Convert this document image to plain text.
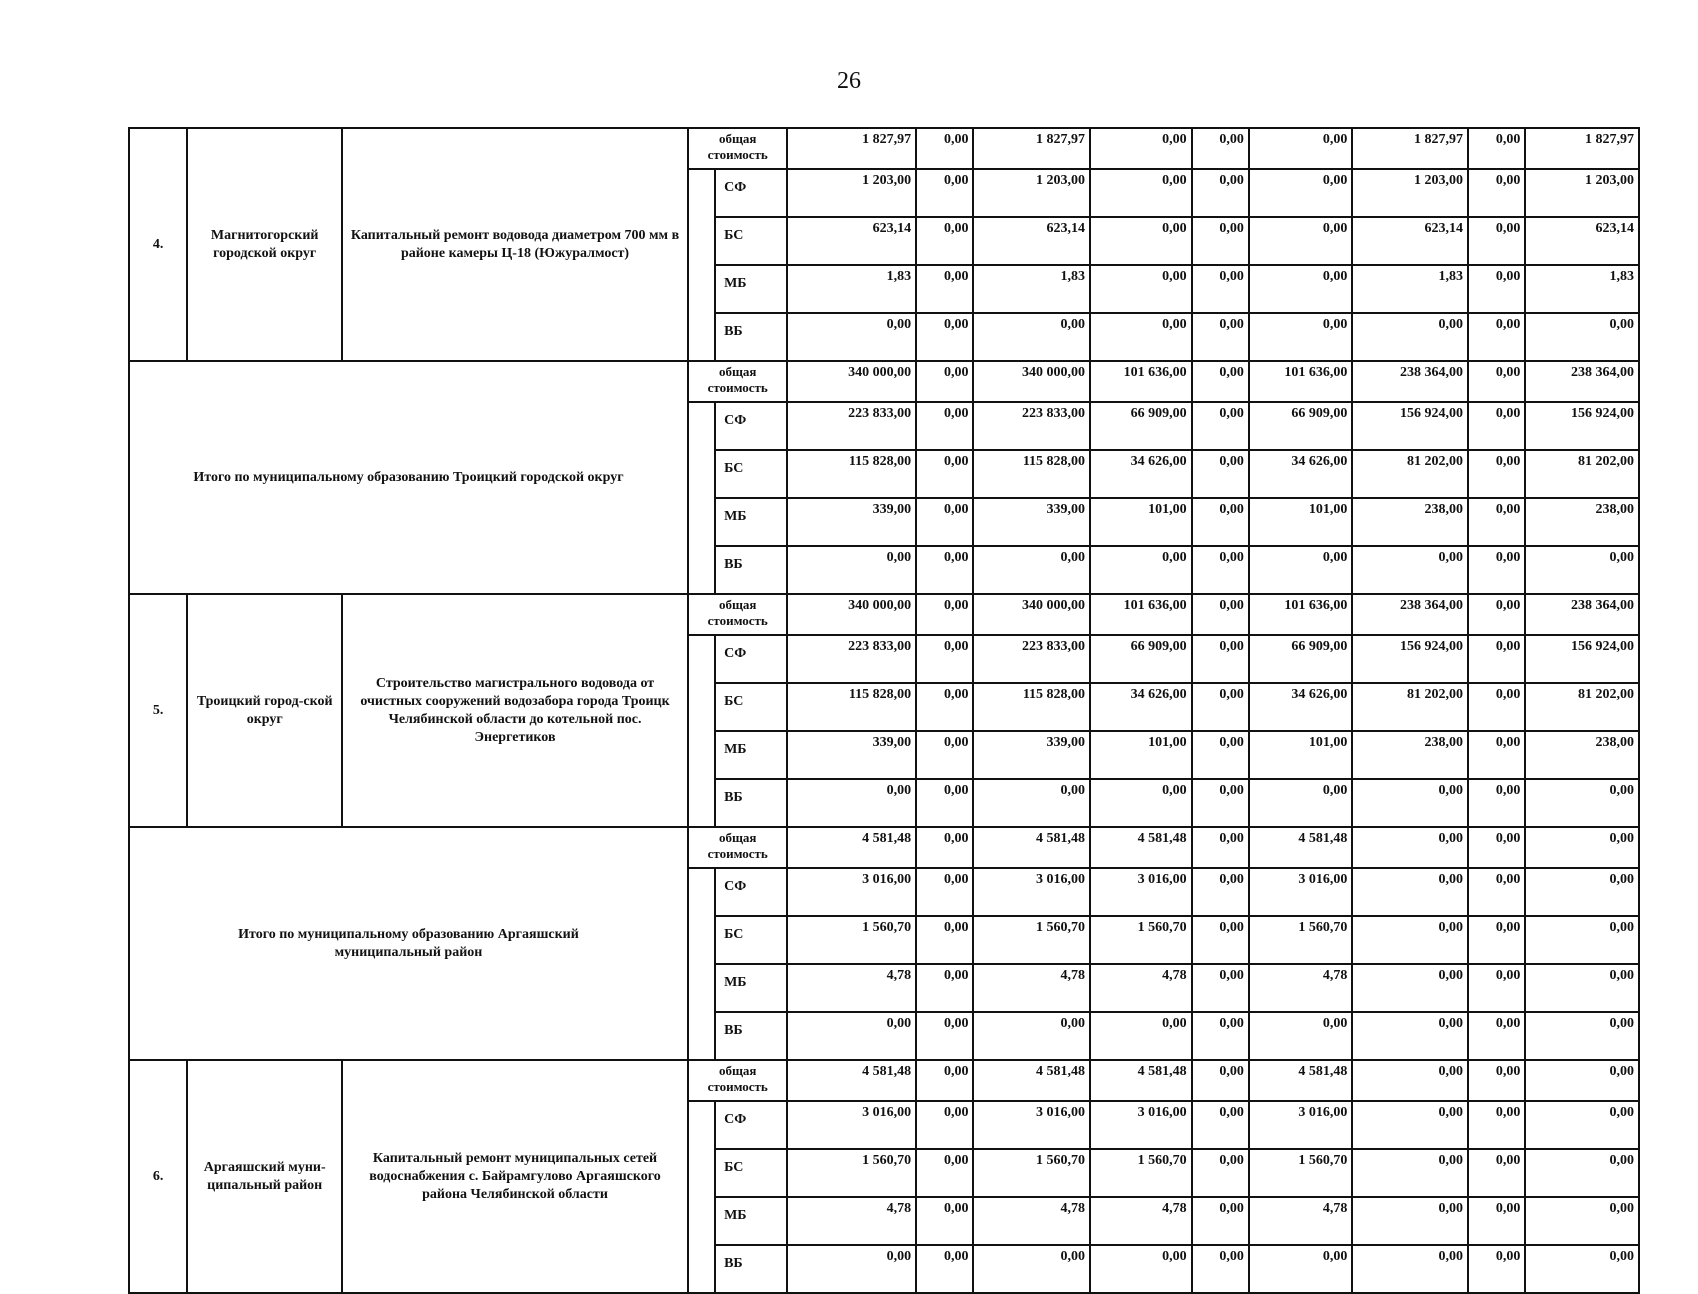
26
4.	Магнитогорский городской округ	Капитальный ремонт водовода диаметром 700 мм в районе камеры Ц-18 (Южуралмост)	общая стоимость		1 827,97	0,00	1 827,97	0,00	0,00	0,00	1 827,97	0,00	1 827,97
	СФ	1 203,00	0,00	1 203,00	0,00	0,00	0,00	1 203,00	0,00	1 203,00
				БС	623,14	0,00	623,14	0,00	0,00	0,00	623,14	0,00	623,14
				МБ	1,83	0,00	1,83	0,00	0,00	0,00	1,83	0,00	1,83
				ВБ	0,00	0,00	0,00	0,00	0,00	0,00	0,00	0,00	0,00
Итого по муниципальному образованию Троицкий городской округ			общая стоимость		340 000,00	0,00	340 000,00	101 636,00	0,00	101 636,00	238 364,00	0,00	238 364,00
	СФ	223 833,00	0,00	223 833,00	66 909,00	0,00	66 909,00	156 924,00	0,00	156 924,00
				БС	115 828,00	0,00	115 828,00	34 626,00	0,00	34 626,00	81 202,00	0,00	81 202,00
				МБ	339,00	0,00	339,00	101,00	0,00	101,00	238,00	0,00	238,00
				ВБ	0,00	0,00	0,00	0,00	0,00	0,00	0,00	0,00	0,00
5.	Троицкий город-ской округ	Строительство магистрального водовода от очистных сооружений водозабора города Троицк Челябинской области до котельной пос. Энергетиков	общая стоимость		340 000,00	0,00	340 000,00	101 636,00	0,00	101 636,00	238 364,00	0,00	238 364,00
	СФ	223 833,00	0,00	223 833,00	66 909,00	0,00	66 909,00	156 924,00	0,00	156 924,00
				БС	115 828,00	0,00	115 828,00	34 626,00	0,00	34 626,00	81 202,00	0,00	81 202,00
				МБ	339,00	0,00	339,00	101,00	0,00	101,00	238,00	0,00	238,00
				ВБ	0,00	0,00	0,00	0,00	0,00	0,00	0,00	0,00	0,00
Итого по муниципальному образованию Аргаяшский муниципальный район			общая стоимость		4 581,48	0,00	4 581,48	4 581,48	0,00	4 581,48	0,00	0,00	0,00
	СФ	3 016,00	0,00	3 016,00	3 016,00	0,00	3 016,00	0,00	0,00	0,00
				БС	1 560,70	0,00	1 560,70	1 560,70	0,00	1 560,70	0,00	0,00	0,00
				МБ	4,78	0,00	4,78	4,78	0,00	4,78	0,00	0,00	0,00
				ВБ	0,00	0,00	0,00	0,00	0,00	0,00	0,00	0,00	0,00
6.	Аргаяшский муни-ципальный район	Капитальный ремонт муниципальных сетей водоснабжения с. Байрамгулово Аргаяшского района Челябинской области	общая стоимость		4 581,48	0,00	4 581,48	4 581,48	0,00	4 581,48	0,00	0,00	0,00
	СФ	3 016,00	0,00	3 016,00	3 016,00	0,00	3 016,00	0,00	0,00	0,00
				БС	1 560,70	0,00	1 560,70	1 560,70	0,00	1 560,70	0,00	0,00	0,00
				МБ	4,78	0,00	4,78	4,78	0,00	4,78	0,00	0,00	0,00
				ВБ	0,00	0,00	0,00	0,00	0,00	0,00	0,00	0,00	0,00
